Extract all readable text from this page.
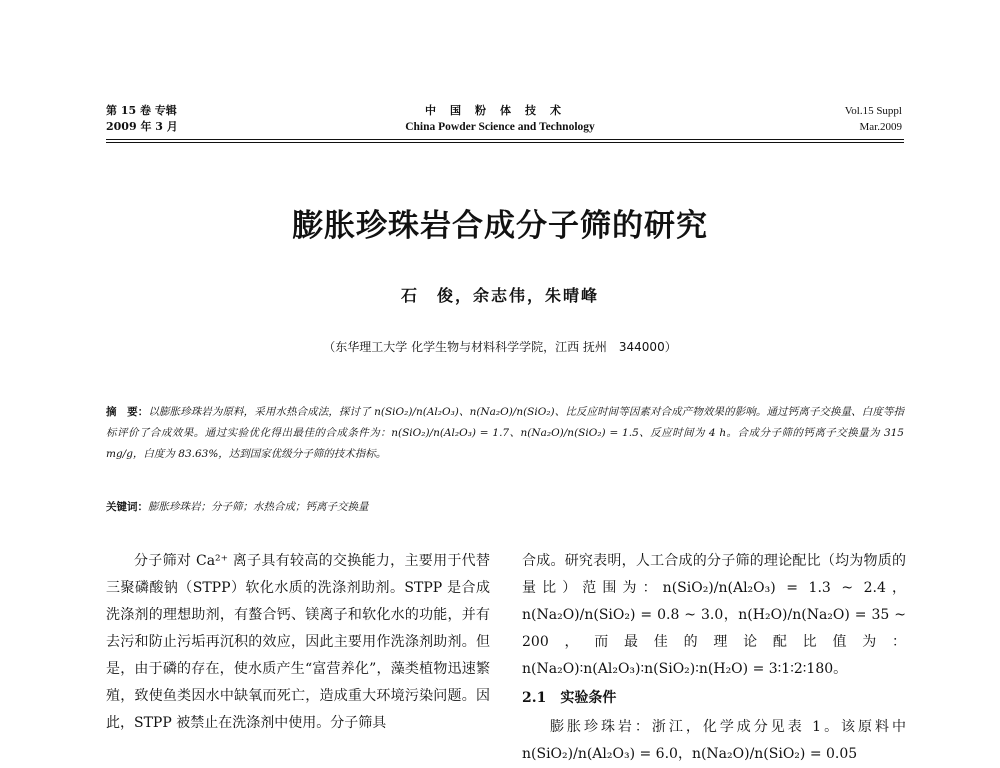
第 15 卷 专辑
2009 年 3 月
中国粉体技术
China Powder Science and Technology
Vol.15 Suppl
Mar.2009
膨胀珍珠岩合成分子筛的研究
石　俊，余志伟，朱晴峰
（东华理工大学 化学生物与材料科学学院，江西 抚州　344000）
摘　要：以膨胀珍珠岩为原料，采用水热合成法，探讨了 n(SiO₂)/n(Al₂O₃)、n(Na₂O)/n(SiO₂)、比反应时间等因素对合成产物效果的影响。通过钙离子交换量、白度等指标评价了合成效果。通过实验优化得出最佳的合成条件为：n(SiO₂)/n(Al₂O₃) = 1.7、n(Na₂O)/n(SiO₂) = 1.5、反应时间为 4 h。合成分子筛的钙离子交换量为 315 mg/g，白度为 83.63%，达到国家优级分子筛的技术指标。
关键词：膨胀珍珠岩；分子筛；水热合成；钙离子交换量

分子筛对 Ca²⁺ 离子具有较高的交换能力，主要用于代替三聚磷酸钠（STPP）软化水质的洗涤剂助剂。STPP 是合成洗涤剂的理想助剂，有螯合钙、镁离子和软化水的功能，并有去污和防止污垢再沉积的效应，因此主要用作洗涤剂助剂。但是，由于磷的存在，使水质产生“富营养化”，藻类植物迅速繁殖，致使鱼类因水中缺氧而死亡，造成重大环境污染问题。因此，STPP 被禁止在洗涤剂中使用。分子筛具

合成。研究表明，人工合成的分子筛的理论配比（均为物质的量比）范围为：n(SiO₂)/n(Al₂O₃) = 1.3 ~ 2.4，n(Na₂O)/n(SiO₂) = 0.8 ~ 3.0，n(H₂O)/n(Na₂O) = 35 ~ 200，而最佳的理论配比值为：n(Na₂O)∶n(Al₂O₃)∶n(SiO₂)∶n(H₂O) = 3∶1∶2∶180。

2.1　实验条件

膨胀珍珠岩：浙江，化学成分见表 1。该原料中 n(SiO₂)/n(Al₂O₃) = 6.0，n(Na₂O)/n(SiO₂) = 0.05
